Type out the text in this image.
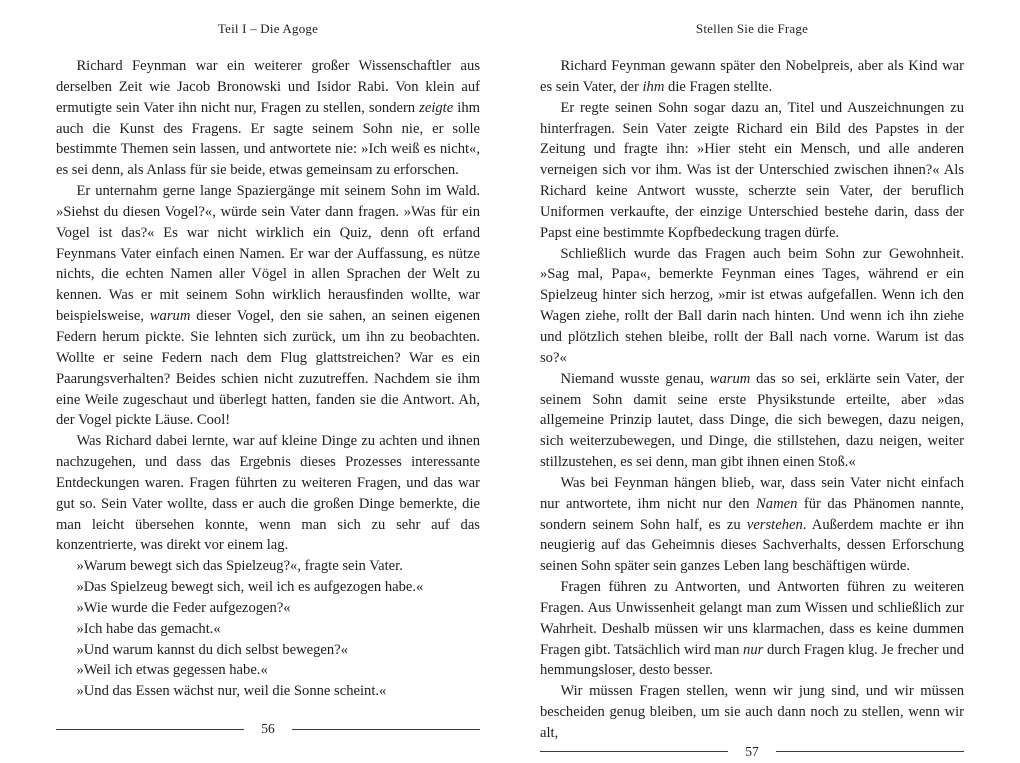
Teil I – Die Agoge

Richard Feynman war ein weiterer großer Wissenschaftler aus derselben Zeit wie Jacob Bronowski und Isidor Rabi. Von klein auf ermutigte sein Vater ihn nicht nur, Fragen zu stellen, sondern zeigte ihm auch die Kunst des Fragens. Er sagte seinem Sohn nie, er solle bestimmte Themen sein lassen, und antwortete nie: »Ich weiß es nicht«, es sei denn, als Anlass für sie beide, etwas gemeinsam zu erforschen.

Er unternahm gerne lange Spaziergänge mit seinem Sohn im Wald. »Siehst du diesen Vogel?«, würde sein Vater dann fragen. »Was für ein Vogel ist das?« Es war nicht wirklich ein Quiz, denn oft erfand Feynmans Vater einfach einen Namen. Er war der Auffassung, es nütze nichts, die echten Namen aller Vögel in allen Sprachen der Welt zu kennen. Was er mit seinem Sohn wirklich herausfinden wollte, war beispielsweise, warum dieser Vogel, den sie sahen, an seinen eigenen Federn herum pickte. Sie lehnten sich zurück, um ihn zu beobachten. Wollte er seine Federn nach dem Flug glattstreichen? War es ein Paarungsverhalten? Beides schien nicht zuzutreffen. Nachdem sie ihm eine Weile zugeschaut und überlegt hatten, fanden sie die Antwort. Ah, der Vogel pickte Läuse. Cool!

Was Richard dabei lernte, war auf kleine Dinge zu achten und ihnen nachzugehen, und dass das Ergebnis dieses Prozesses interessante Entdeckungen waren. Fragen führten zu weiteren Fragen, und das war gut so. Sein Vater wollte, dass er auch die großen Dinge bemerkte, die man leicht übersehen konnte, wenn man sich zu sehr auf das konzentrierte, was direkt vor einem lag.

»Warum bewegt sich das Spielzeug?«, fragte sein Vater.

»Das Spielzeug bewegt sich, weil ich es aufgezogen habe.«

»Wie wurde die Feder aufgezogen?«

»Ich habe das gemacht.«

»Und warum kannst du dich selbst bewegen?«

»Weil ich etwas gegessen habe.«

»Und das Essen wächst nur, weil die Sonne scheint.«

56
Stellen Sie die Frage

Richard Feynman gewann später den Nobelpreis, aber als Kind war es sein Vater, der ihm die Fragen stellte.

Er regte seinen Sohn sogar dazu an, Titel und Auszeichnungen zu hinterfragen. Sein Vater zeigte Richard ein Bild des Papstes in der Zeitung und fragte ihn: »Hier steht ein Mensch, und alle anderen verneigen sich vor ihm. Was ist der Unterschied zwischen ihnen?« Als Richard keine Antwort wusste, scherzte sein Vater, der beruflich Uniformen verkaufte, der einzige Unterschied bestehe darin, dass der Papst eine bestimmte Kopfbedeckung tragen dürfe.

Schließlich wurde das Fragen auch beim Sohn zur Gewohnheit. »Sag mal, Papa«, bemerkte Feynman eines Tages, während er ein Spielzeug hinter sich herzog, »mir ist etwas aufgefallen. Wenn ich den Wagen ziehe, rollt der Ball darin nach hinten. Und wenn ich ihn ziehe und plötzlich stehen bleibe, rollt der Ball nach vorne. Warum ist das so?«

Niemand wusste genau, warum das so sei, erklärte sein Vater, der seinem Sohn damit seine erste Physikstunde erteilte, aber »das allgemeine Prinzip lautet, dass Dinge, die sich bewegen, dazu neigen, sich weiterzubewegen, und Dinge, die stillstehen, dazu neigen, weiter stillzustehen, es sei denn, man gibt ihnen einen Stoß.«

Was bei Feynman hängen blieb, war, dass sein Vater nicht einfach nur antwortete, ihm nicht nur den Namen für das Phänomen nannte, sondern seinem Sohn half, es zu verstehen. Außerdem machte er ihn neugierig auf das Geheimnis dieses Sachverhalts, dessen Erforschung seinen Sohn später sein ganzes Leben lang beschäftigen würde.

Fragen führen zu Antworten, und Antworten führen zu weiteren Fragen. Aus Unwissenheit gelangt man zum Wissen und schließlich zur Wahrheit. Deshalb müssen wir uns klarmachen, dass es keine dummen Fragen gibt. Tatsächlich wird man nur durch Fragen klug. Je frecher und hemmungsloser, desto besser.

Wir müssen Fragen stellen, wenn wir jung sind, und wir müssen bescheiden genug bleiben, um sie auch dann noch zu stellen, wenn wir alt,

57
